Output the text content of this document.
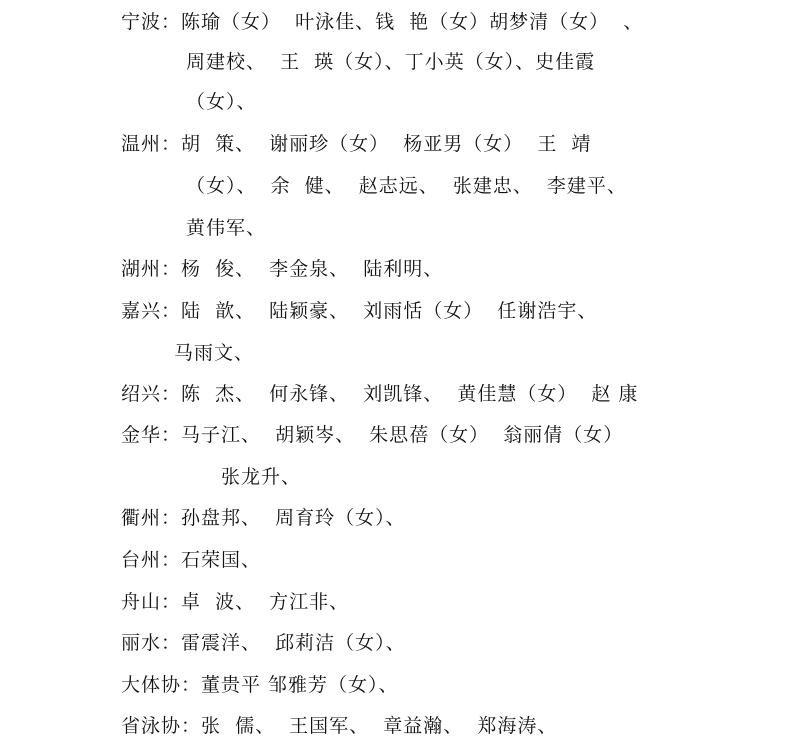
宁波：陈瑜（女）  叶泳佳、钱  艳（女）胡梦清（女）  、
周建校、  王  瑛（女）、丁小英（女）、史佳霞
（女）、
温州：胡  策、  谢丽珍（女）  杨亚男（女）  王  靖
（女）、  余  健、  赵志远、  张建忠、  李建平、
黄伟军、
湖州：杨  俊、  李金泉、  陆利明、
嘉兴：陆  歆、  陆颖豪、  刘雨恬（女）  任谢浩宇、
马雨文、
绍兴：陈  杰、  何永锋、  刘凯锋、  黄佳慧（女）  赵 康
金华：马子江、  胡颖岑、  朱思蓓（女）  翁丽倩（女）
张龙升、
衢州：孙盘邦、  周育玲（女）、
台州：石荣国、
舟山：卓  波、  方江非、
丽水：雷震洋、  邱莉洁（女）、
大体协：董贵平 邹雅芳（女）、
省泳协：张  儒、  王国军、  章益瀚、  郑海涛、
